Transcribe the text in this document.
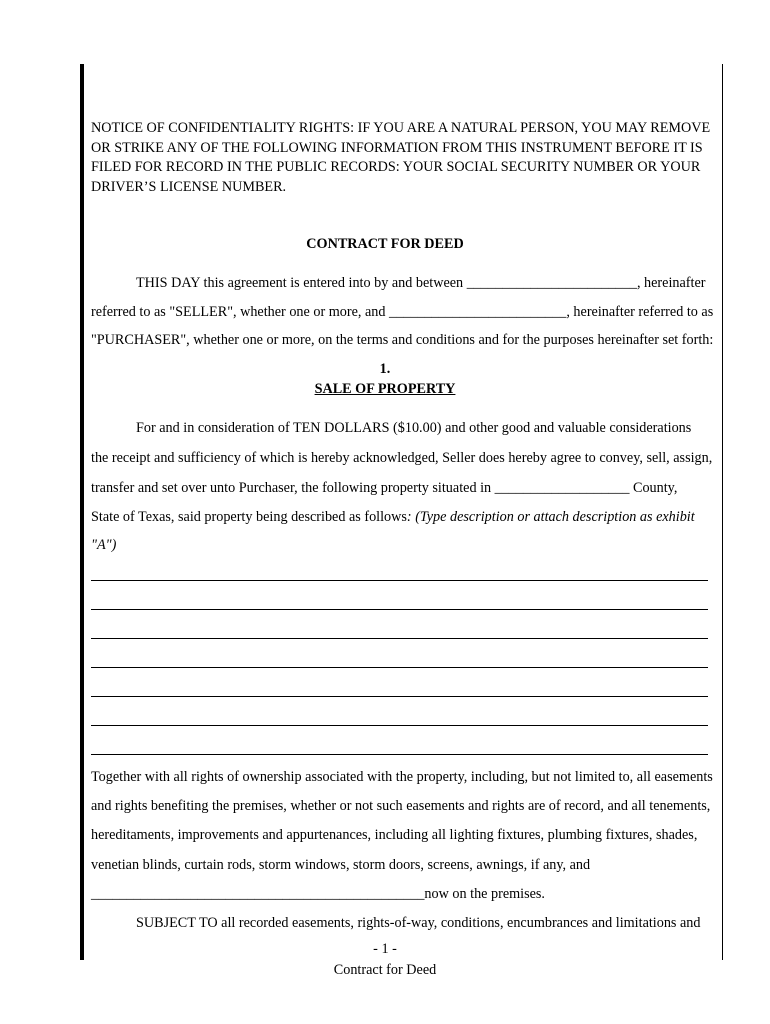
NOTICE OF CONFIDENTIALITY RIGHTS: IF YOU ARE A NATURAL PERSON, YOU MAY REMOVE OR STRIKE ANY OF THE FOLLOWING INFORMATION FROM THIS INSTRUMENT BEFORE IT IS FILED FOR RECORD IN THE PUBLIC RECORDS: YOUR SOCIAL SECURITY NUMBER OR YOUR DRIVER’S LICENSE NUMBER.
CONTRACT FOR DEED
THIS DAY this agreement is entered into by and between ________________________, hereinafter
referred to as "SELLER", whether one or more, and _________________________, hereinafter referred to as
"PURCHASER", whether one or more, on the terms and conditions and for the purposes hereinafter set forth:
1.
SALE OF PROPERTY
For and in consideration of TEN DOLLARS ($10.00) and other good and valuable considerations
the receipt and sufficiency of which is hereby acknowledged, Seller does hereby agree to convey, sell, assign,
transfer and set over unto Purchaser, the following property situated in ___________________ County,
State of Texas, said property being described as follows: (Type description or attach description as exhibit
"A")
Together with all rights of ownership associated with the property, including, but not limited to, all easements
and rights benefiting the premises, whether or not such easements and rights are of record, and all tenements,
hereditaments, improvements and appurtenances, including all lighting fixtures, plumbing fixtures, shades,
venetian blinds, curtain rods, storm windows, storm doors, screens, awnings, if any, and
_______________________________________________now on the premises.
SUBJECT TO all recorded easements, rights-of-way, conditions, encumbrances and limitations and
- 1 -
Contract for Deed
